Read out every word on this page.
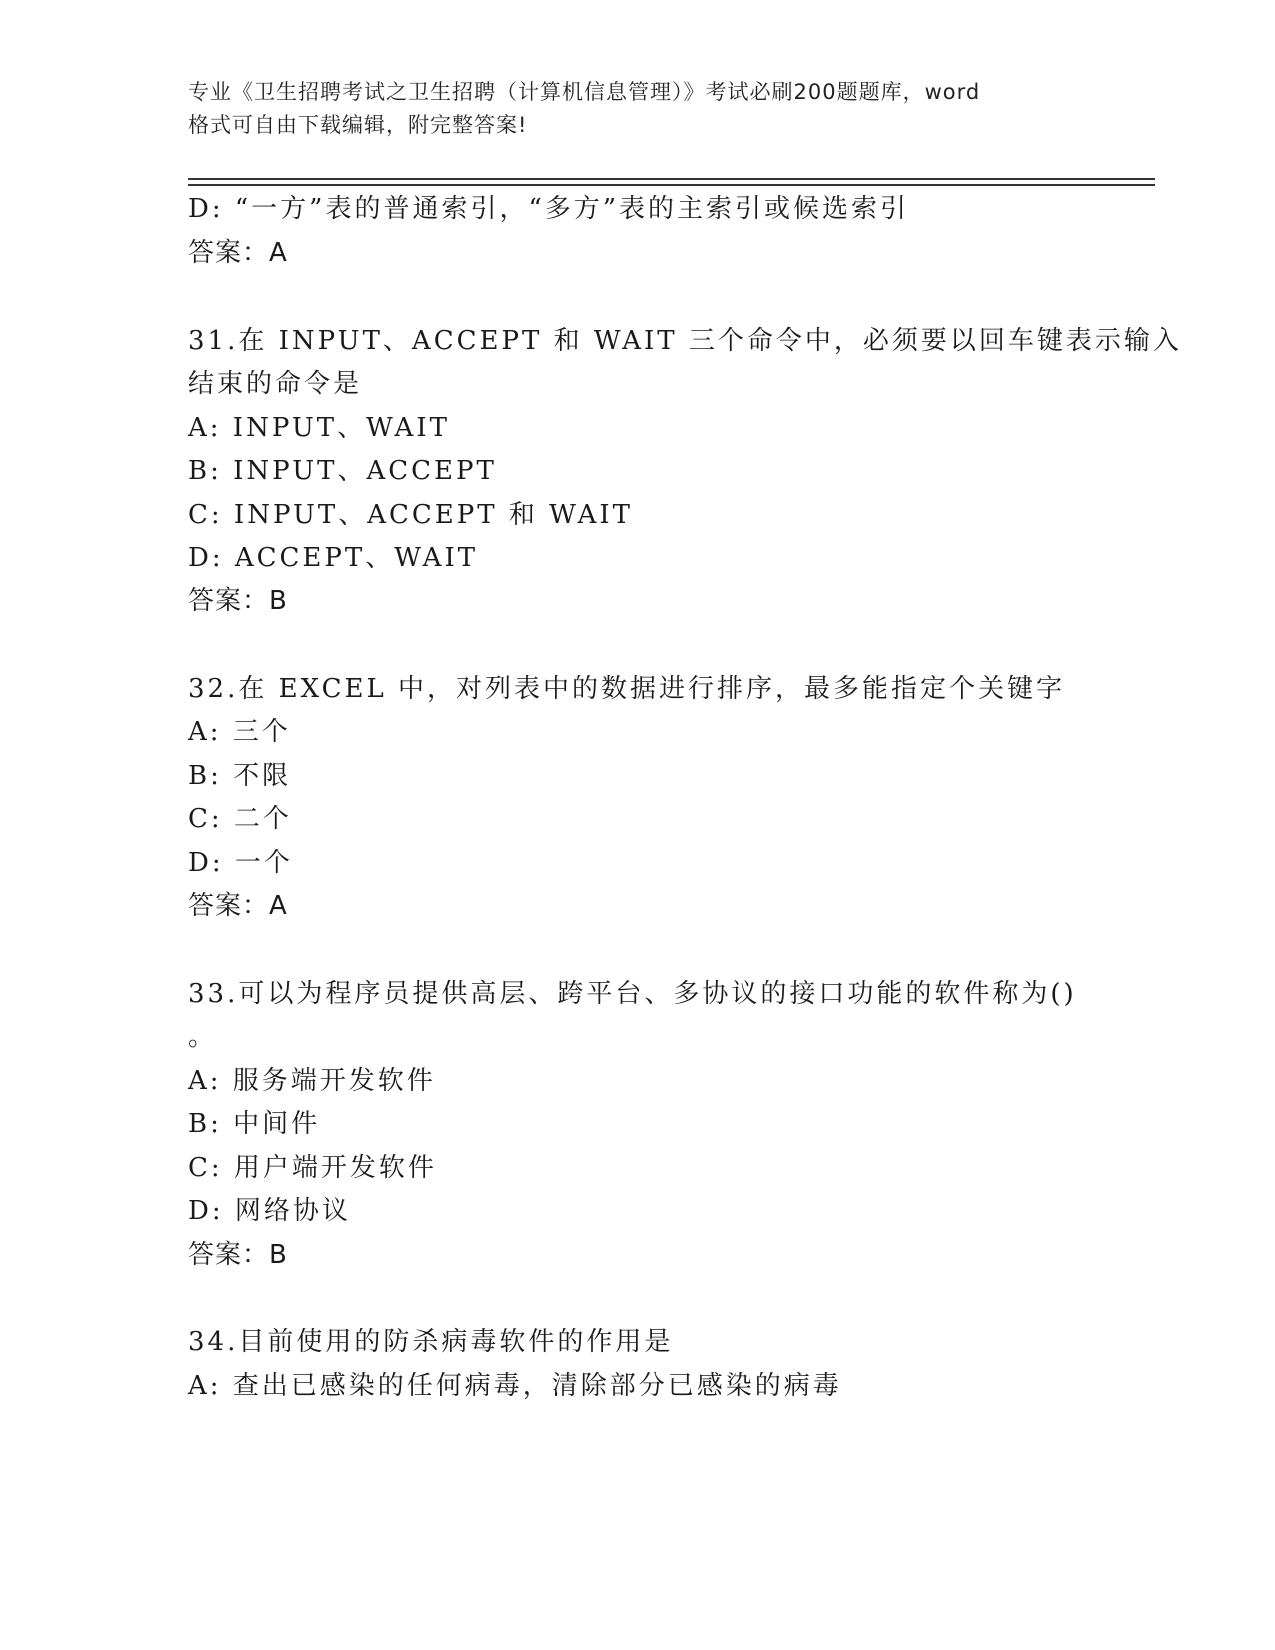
专业《卫生招聘考试之卫生招聘（计算机信息管理）》考试必刷200题题库，word
格式可自由下载编辑，附完整答案!
D: “一方”表的普通索引，“多方”表的主索引或候选索引
答案：A
31.在 INPUT、ACCEPT 和 WAIT 三个命令中，必须要以回车键表示输入
结束的命令是
A: INPUT、WAIT
B: INPUT、ACCEPT
C: INPUT、ACCEPT 和 WAIT
D: ACCEPT、WAIT
答案：B
32.在 EXCEL 中，对列表中的数据进行排序，最多能指定个关键字
A: 三个
B: 不限
C: 二个
D: 一个
答案：A
33.可以为程序员提供高层、跨平台、多协议的接口功能的软件称为()
。
A: 服务端开发软件
B: 中间件
C: 用户端开发软件
D: 网络协议
答案：B
34.目前使用的防杀病毒软件的作用是
A: 查出已感染的任何病毒，清除部分已感染的病毒
